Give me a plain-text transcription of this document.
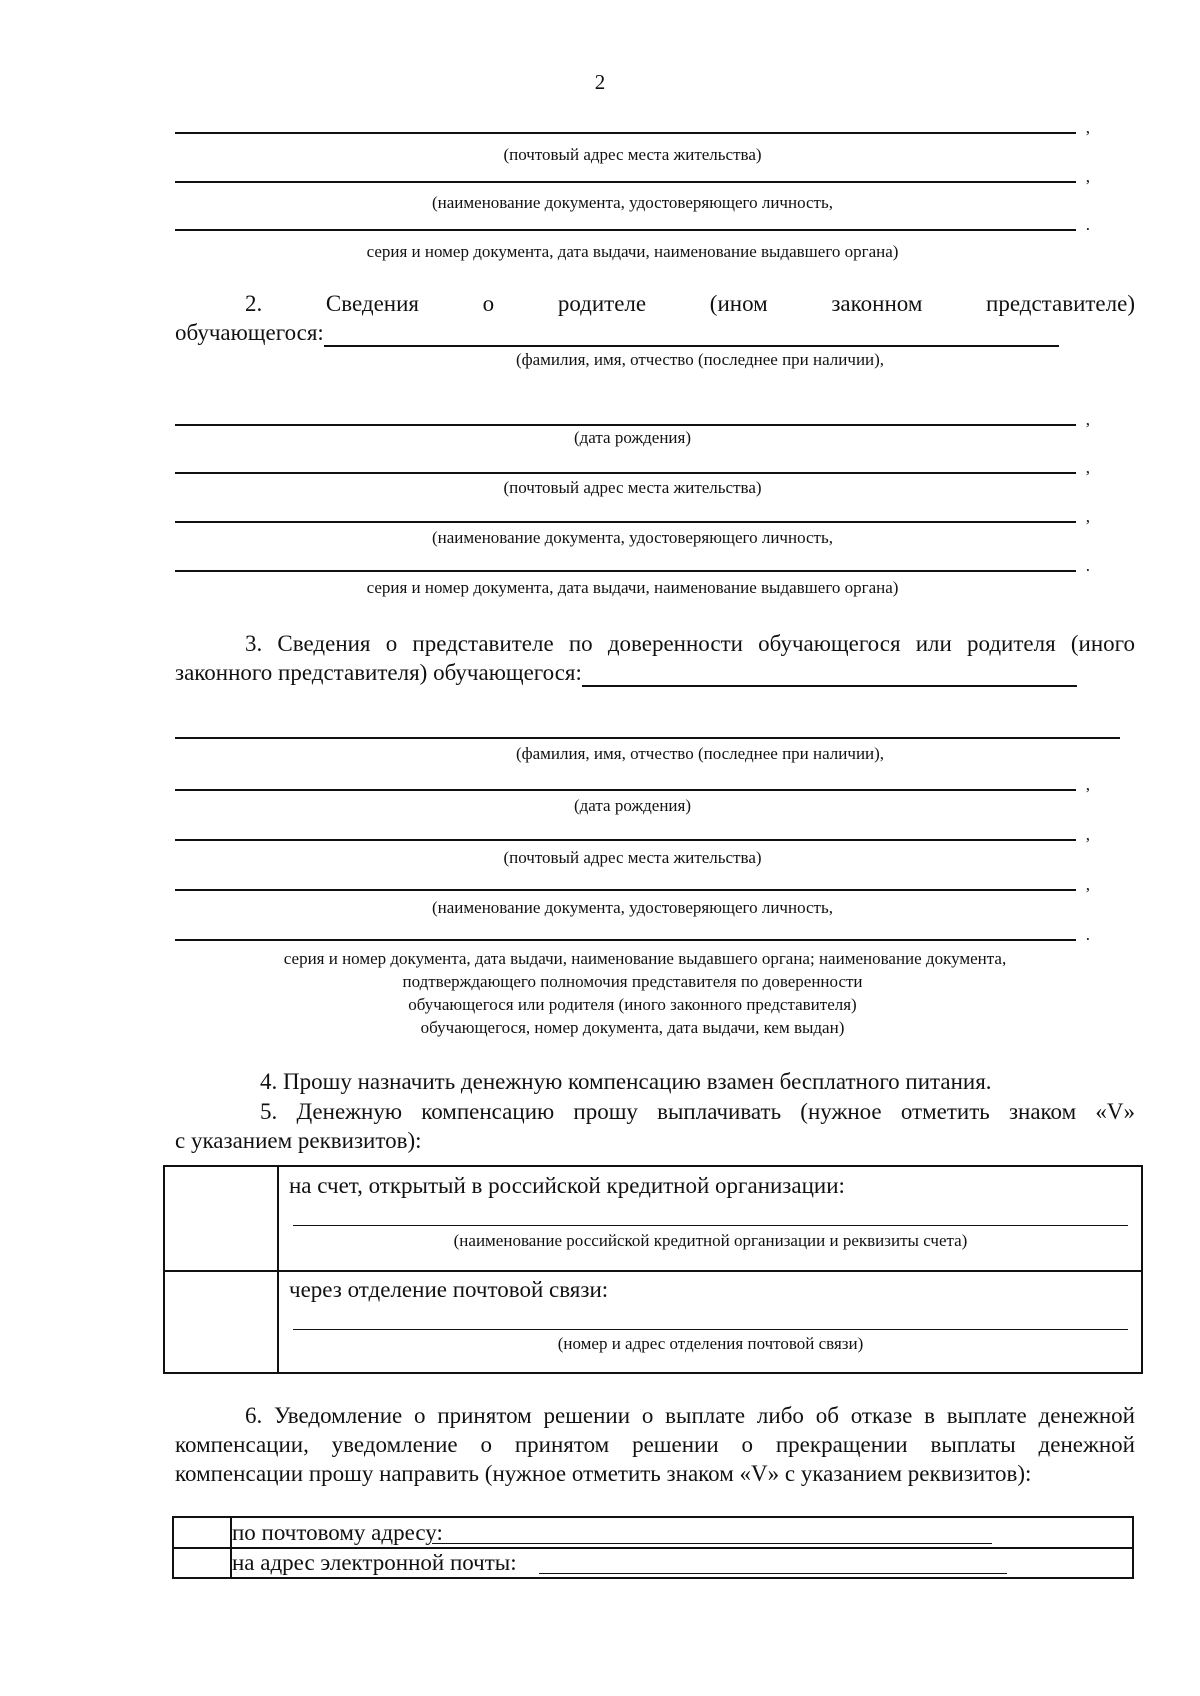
2
,
(почтовый адрес места жительства)
,
(наименование документа, удостоверяющего личность,
.
серия и номер документа, дата выдачи, наименование выдавшего органа)
2. Сведения о родителе (ином законном представителе)
обучающегося:
(фамилия, имя, отчество (последнее при наличии),
,
(дата рождения)
,
(почтовый адрес места жительства)
,
(наименование документа, удостоверяющего личность,
.
серия и номер документа, дата выдачи, наименование выдавшего органа)
3. Сведения о представителе по доверенности обучающегося или родителя (иного
законного представителя) обучающегося:
(фамилия, имя, отчество (последнее при наличии),
,
(дата рождения)
,
(почтовый адрес места жительства)
,
(наименование документа, удостоверяющего личность,
.
серия и номер документа, дата выдачи, наименование выдавшего органа; наименование документа,
подтверждающего полномочия представителя по доверенности
обучающегося или родителя (иного законного представителя)
обучающегося, номер документа, дата выдачи, кем выдан)
4. Прошу назначить денежную компенсацию взамен бесплатного питания.
5. Денежную компенсацию прошу выплачивать (нужное отметить знаком «V»
с указанием реквизитов):
на счет, открытый в российской кредитной организации:
(наименование российской кредитной организации и реквизиты счета)
через отделение почтовой связи:
(номер и адрес отделения почтовой связи)
6. Уведомление о принятом решении о выплате либо об отказе в выплате денежной
компенсации, уведомление о принятом решении о прекращении выплаты денежной
компенсации прошу направить (нужное отметить знаком «V» с указанием реквизитов):
по почтовому адресу:
на адрес электронной почты:
